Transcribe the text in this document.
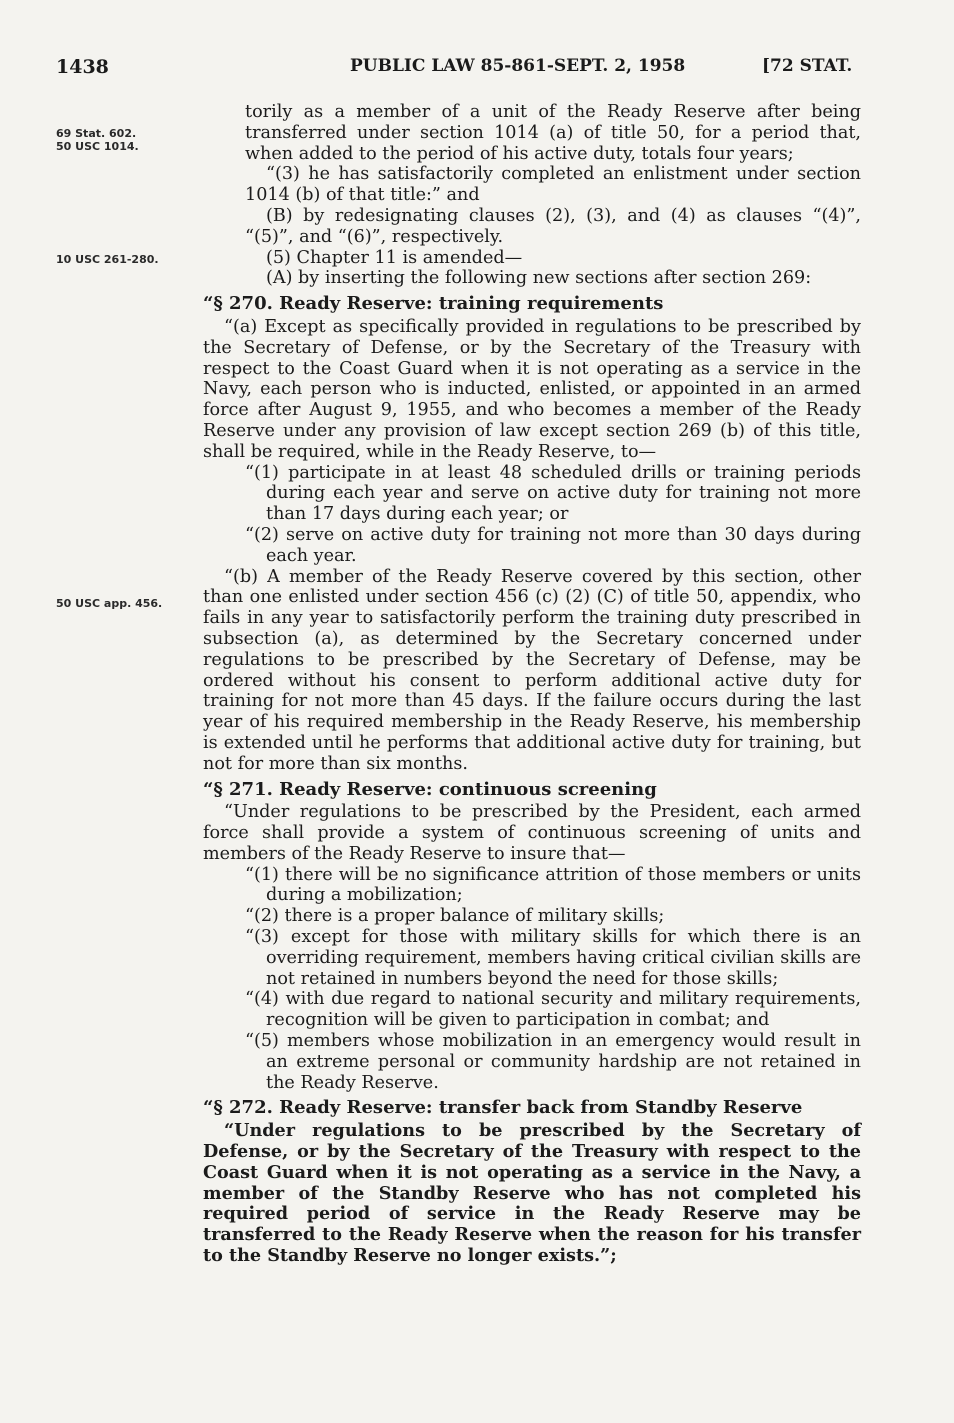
1438	PUBLIC LAW 85-861-SEPT. 2, 1958	[72 STAT.
69 Stat. 602.
50 USC 1014.
10 USC 261-280.
50 USC app. 456.

torily as a member of a unit of the Ready Reserve after being transferred under section 1014 (a) of title 50, for a period that, when added to the period of his active duty, totals four years;

“(3) he has satisfactorily completed an enlistment under section 1014 (b) of that title:” and

(B) by redesignating clauses (2), (3), and (4) as clauses “(4)”, “(5)”, and “(6)”, respectively.

(5) Chapter 11 is amended—

(A) by inserting the following new sections after section 269:

“§ 270. Ready Reserve: training requirements

“(a) Except as specifically provided in regulations to be prescribed by the Secretary of Defense, or by the Secretary of the Treasury with respect to the Coast Guard when it is not operating as a service in the Navy, each person who is inducted, enlisted, or appointed in an armed force after August 9, 1955, and who becomes a member of the Ready Reserve under any provision of law except section 269 (b) of this title, shall be required, while in the Ready Reserve, to—

“(1) participate in at least 48 scheduled drills or training periods during each year and serve on active duty for training not more than 17 days during each year; or

“(2) serve on active duty for training not more than 30 days during each year.

“(b) A member of the Ready Reserve covered by this section, other than one enlisted under section 456 (c) (2) (C) of title 50, appendix, who fails in any year to satisfactorily perform the training duty prescribed in subsection (a), as determined by the Secretary concerned under regulations to be prescribed by the Secretary of Defense, may be ordered without his consent to perform additional active duty for training for not more than 45 days. If the failure occurs during the last year of his required membership in the Ready Reserve, his membership is extended until he performs that additional active duty for training, but not for more than six months.

“§ 271. Ready Reserve: continuous screening

“Under regulations to be prescribed by the President, each armed force shall provide a system of continuous screening of units and members of the Ready Reserve to insure that—

“(1) there will be no significance attrition of those members or units during a mobilization;

“(2) there is a proper balance of military skills;

“(3) except for those with military skills for which there is an overriding requirement, members having critical civilian skills are not retained in numbers beyond the need for those skills;

“(4) with due regard to national security and military requirements, recognition will be given to participation in combat; and

“(5) members whose mobilization in an emergency would result in an extreme personal or community hardship are not retained in the Ready Reserve.

“§ 272. Ready Reserve: transfer back from Standby Reserve

“Under regulations to be prescribed by the Secretary of Defense, or by the Secretary of the Treasury with respect to the Coast Guard when it is not operating as a service in the Navy, a member of the Standby Reserve who has not completed his required period of service in the Ready Reserve may be transferred to the Ready Reserve when the reason for his transfer to the Standby Reserve no longer exists.”;
